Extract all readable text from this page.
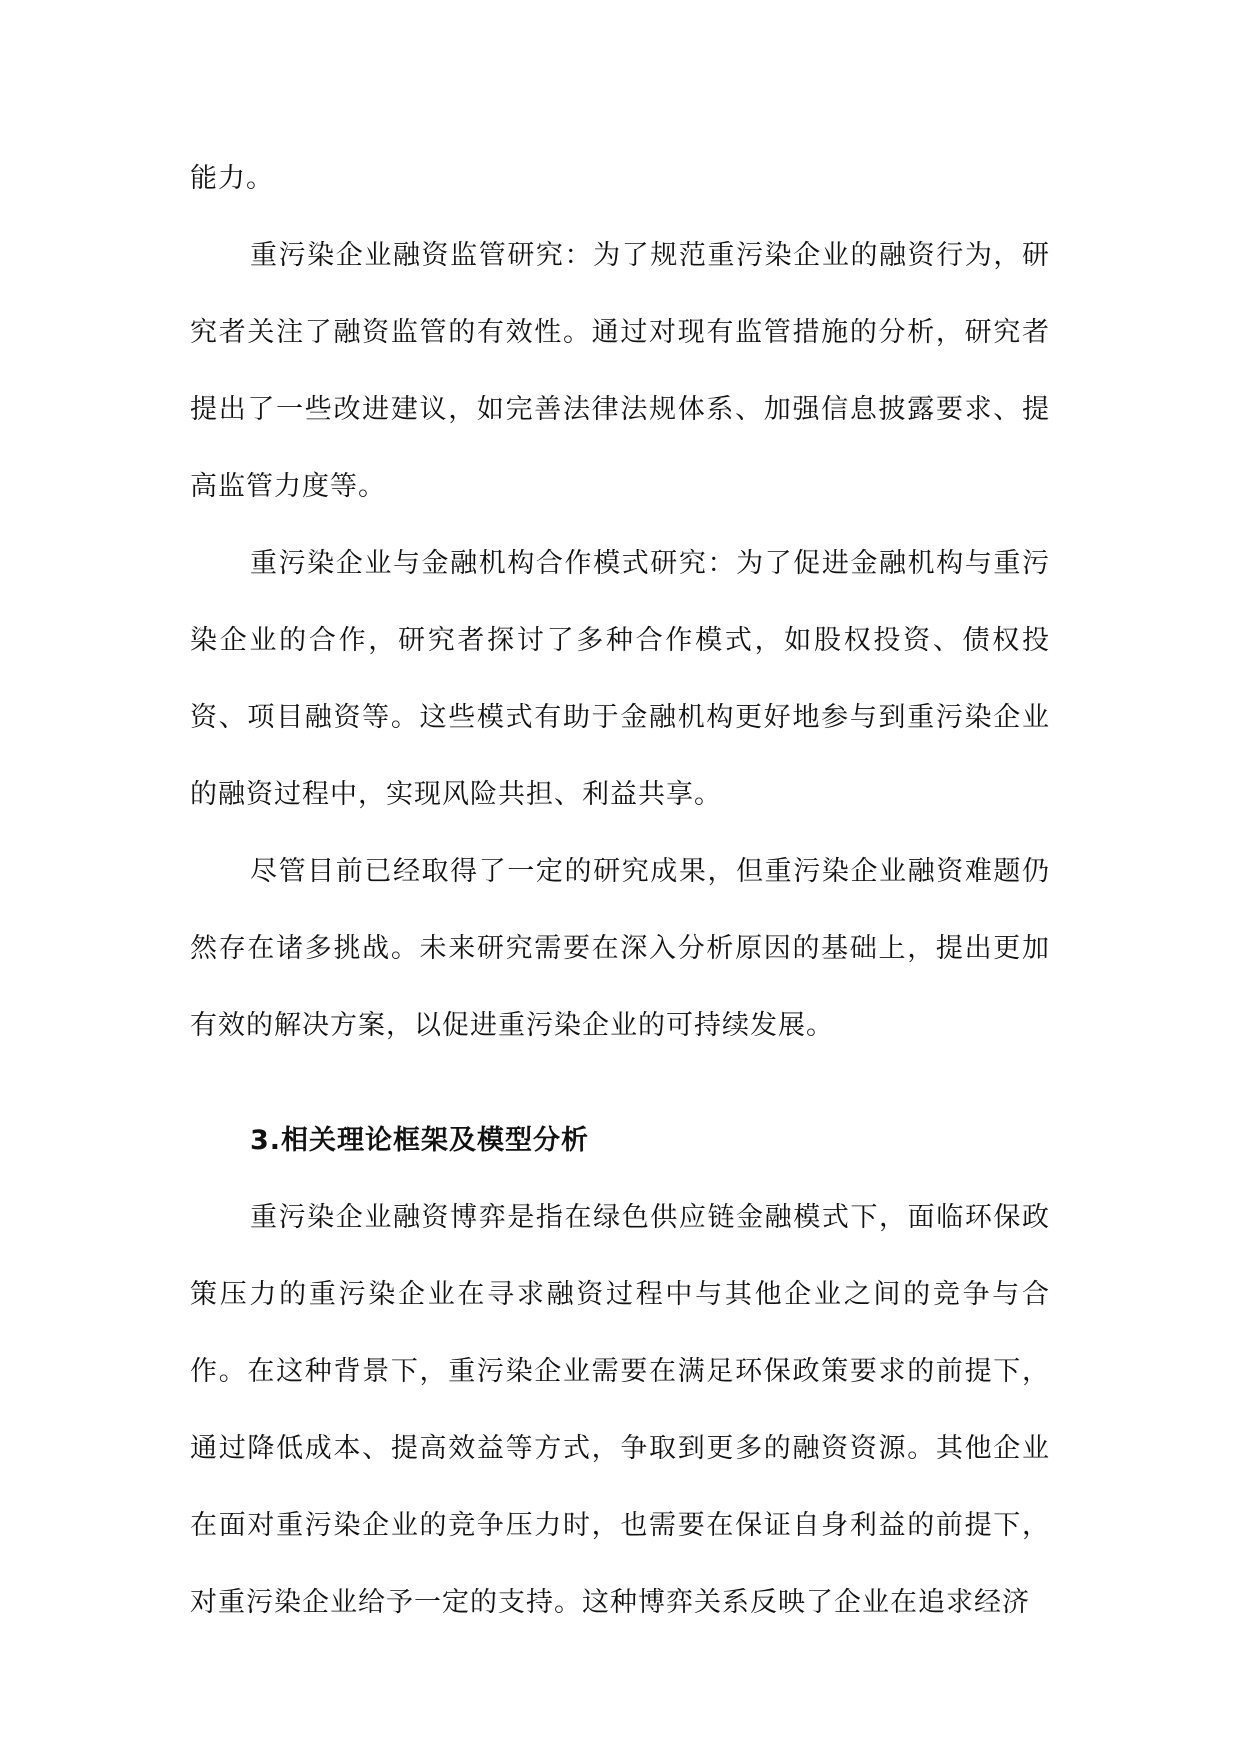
能力。

重污染企业融资监管研究：为了规范重污染企业的融资行为，研究者关注了融资监管的有效性。通过对现有监管措施的分析，研究者提出了一些改进建议，如完善法律法规体系、加强信息披露要求、提高监管力度等。

重污染企业与金融机构合作模式研究：为了促进金融机构与重污染企业的合作，研究者探讨了多种合作模式，如股权投资、债权投资、项目融资等。这些模式有助于金融机构更好地参与到重污染企业的融资过程中，实现风险共担、利益共享。

尽管目前已经取得了一定的研究成果，但重污染企业融资难题仍然存在诸多挑战。未来研究需要在深入分析原因的基础上，提出更加有效的解决方案，以促进重污染企业的可持续发展。

3.相关理论框架及模型分析

重污染企业融资博弈是指在绿色供应链金融模式下，面临环保政策压力的重污染企业在寻求融资过程中与其他企业之间的竞争与合作。在这种背景下，重污染企业需要在满足环保政策要求的前提下，通过降低成本、提高效益等方式，争取到更多的融资资源。其他企业在面对重污染企业的竞争压力时，也需要在保证自身利益的前提下，对重污染企业给予一定的支持。这种博弈关系反映了企业在追求经济
